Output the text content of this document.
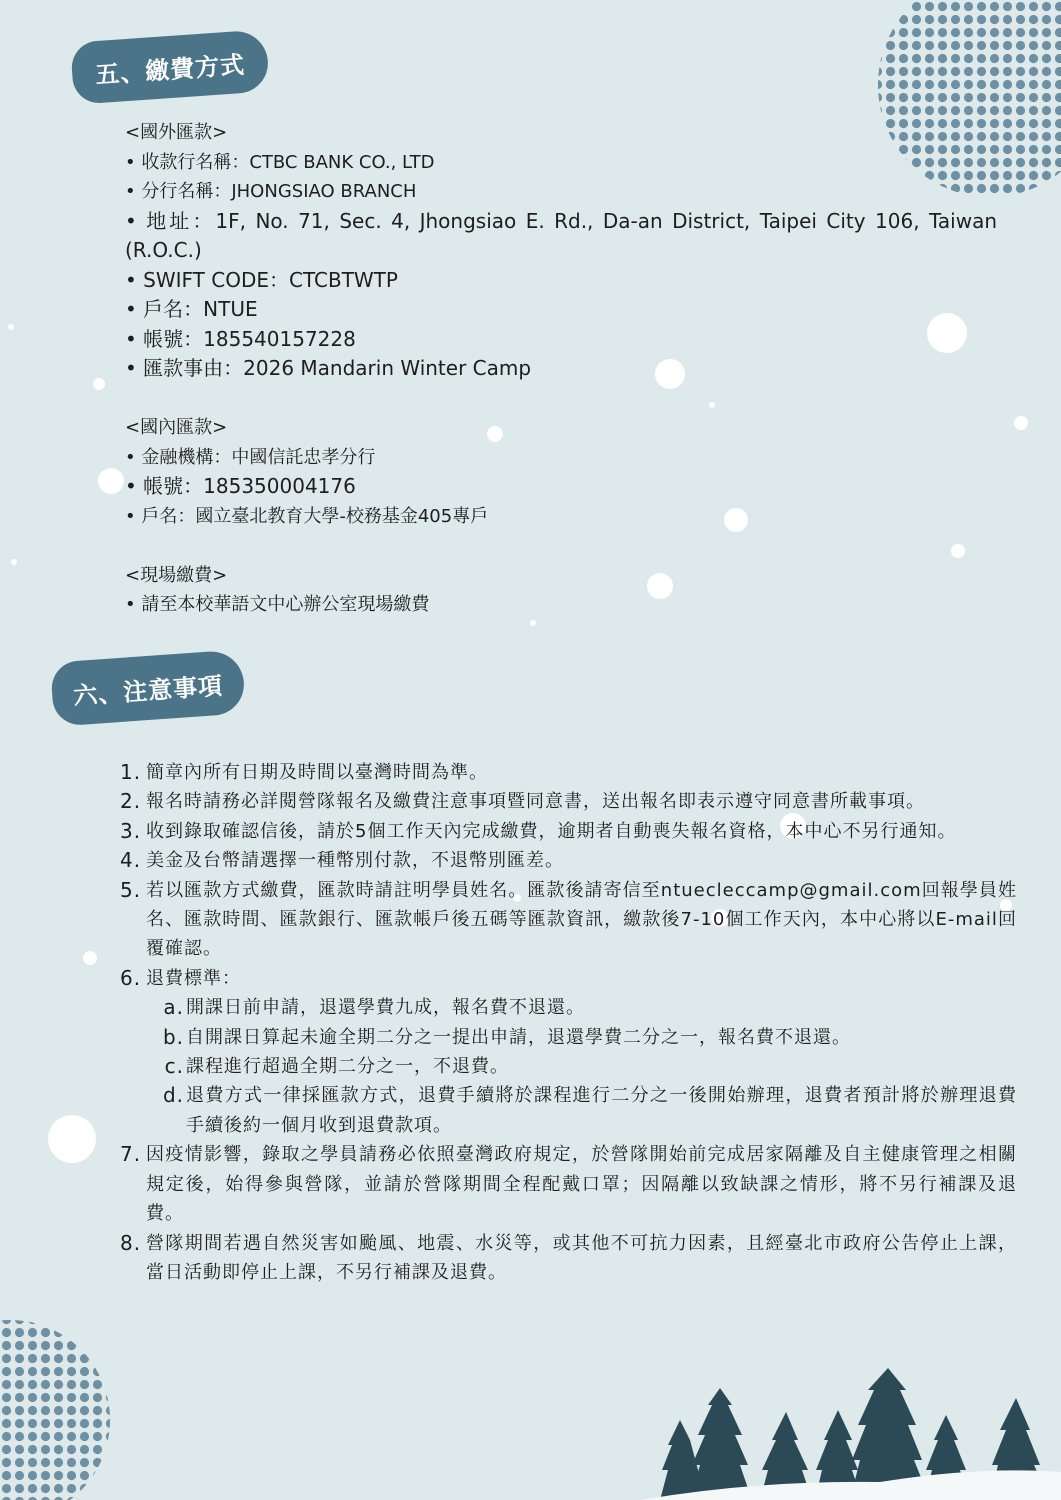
五、繳費方式
<國外匯款>
• 收款行名稱：CTBC BANK CO., LTD
• 分行名稱：JHONGSIAO BRANCH
• 地址：1F, No. 71, Sec. 4, Jhongsiao E. Rd., Da-an District, Taipei City 106, Taiwan (R.O.C.)
• SWIFT CODE：CTCBTWTP
• 戶名：NTUE
• 帳號：185540157228
• 匯款事由：2026 Mandarin Winter Camp
<國內匯款>
• 金融機構：中國信託忠孝分行
• 帳號：185350004176
• 戶名：國立臺北教育大學-校務基金405專戶
<現場繳費>
• 請至本校華語文中心辦公室現場繳費
六、注意事項
1. 簡章內所有日期及時間以臺灣時間為準。
2. 報名時請務必詳閱營隊報名及繳費注意事項暨同意書，送出報名即表示遵守同意書所載事項。
3. 收到錄取確認信後，請於5個工作天內完成繳費，逾期者自動喪失報名資格，本中心不另行通知。
4. 美金及台幣請選擇一種幣別付款，不退幣別匯差。
5. 若以匯款方式繳費，匯款時請註明學員姓名。匯款後請寄信至ntuecleccamp@gmail.com回報學員姓名、匯款時間、匯款銀行、匯款帳戶後五碼等匯款資訊，繳款後7-10個工作天內，本中心將以E-mail回覆確認。
6. 退費標準：
a. 開課日前申請，退還學費九成，報名費不退還。
b. 自開課日算起未逾全期二分之一提出申請，退還學費二分之一，報名費不退還。
c. 課程進行超過全期二分之一，不退費。
d. 退費方式一律採匯款方式，退費手續將於課程進行二分之一後開始辦理，退費者預計將於辦理退費手續後約一個月收到退費款項。
7. 因疫情影響，錄取之學員請務必依照臺灣政府規定，於營隊開始前完成居家隔離及自主健康管理之相關規定後，始得參與營隊，並請於營隊期間全程配戴口罩；因隔離以致缺課之情形，將不另行補課及退費。
8. 營隊期間若遇自然災害如颱風、地震、水災等，或其他不可抗力因素，且經臺北市政府公告停止上課，當日活動即停止上課，不另行補課及退費。
